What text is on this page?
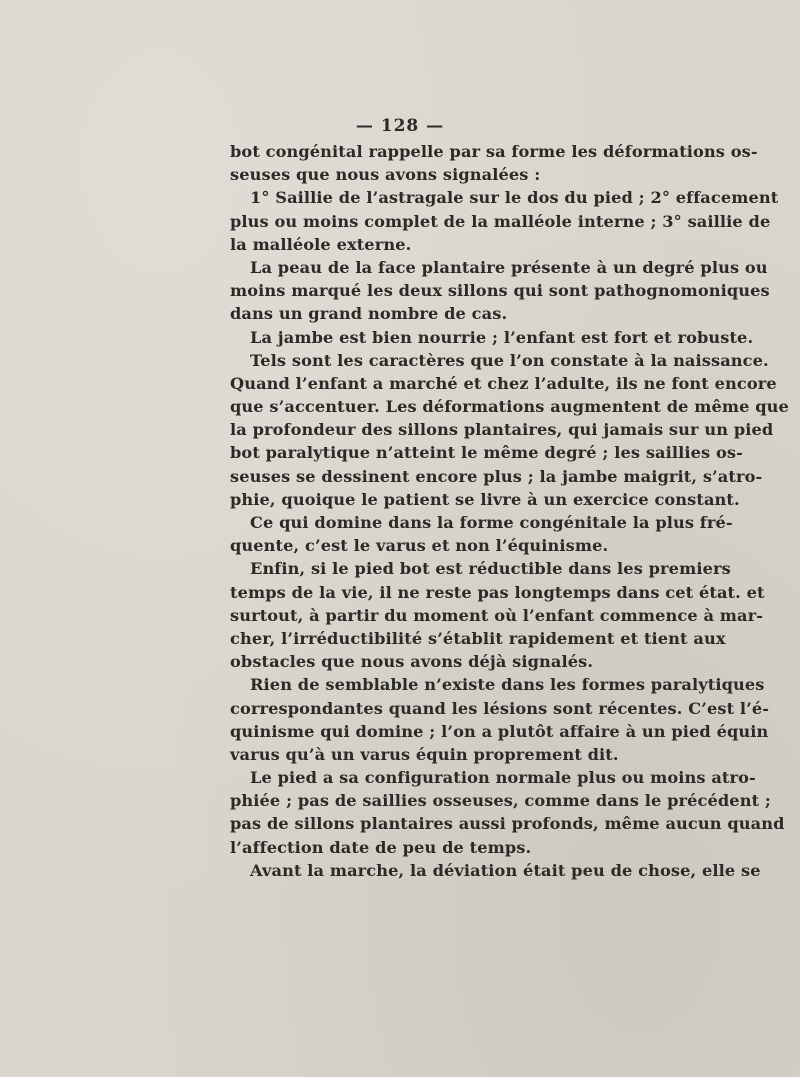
— 128 —
bot congénital rappelle par sa forme les déformations os-
seuses que nous avons signalées :
1° Saillie de l’astragale sur le dos du pied ; 2° effacement
plus ou moins complet de la malléole interne ; 3° saillie de
la malléole externe.
La peau de la face plantaire présente à un degré plus ou
moins marqué les deux sillons qui sont pathognomoniques
dans un grand nombre de cas.
La jambe est bien nourrie ; l’enfant est fort et robuste.
Tels sont les caractères que l’on constate à la naissance.
Quand l’enfant a marché et chez l’adulte, ils ne font encore
que s’accentuer. Les déformations augmentent de même que
la profondeur des sillons plantaires, qui jamais sur un pied
bot paralytique n’atteint le même degré ; les saillies os-
seuses se dessinent encore plus ; la jambe maigrit, s’atro-
phie, quoique le patient se livre à un exercice constant.
Ce qui domine dans la forme congénitale la plus fré-
quente, c’est le varus et non l’équinisme.
Enfin, si le pied bot est réductible dans les premiers
temps de la vie, il ne reste pas longtemps dans cet état. et
surtout, à partir du moment où l’enfant commence à mar-
cher, l’irréductibilité s’établit rapidement et tient aux
obstacles que nous avons déjà signalés.
Rien de semblable n’existe dans les formes paralytiques
correspondantes quand les lésions sont récentes. C’est l’é-
quinisme qui domine ; l’on a plutôt affaire à un pied équin
varus qu’à un varus équin proprement dit.
Le pied a sa configuration normale plus ou moins atro-
phiée ; pas de saillies osseuses, comme dans le précédent ;
pas de sillons plantaires aussi profonds, même aucun quand
l’affection date de peu de temps.
Avant la marche, la déviation était peu de chose, elle se
